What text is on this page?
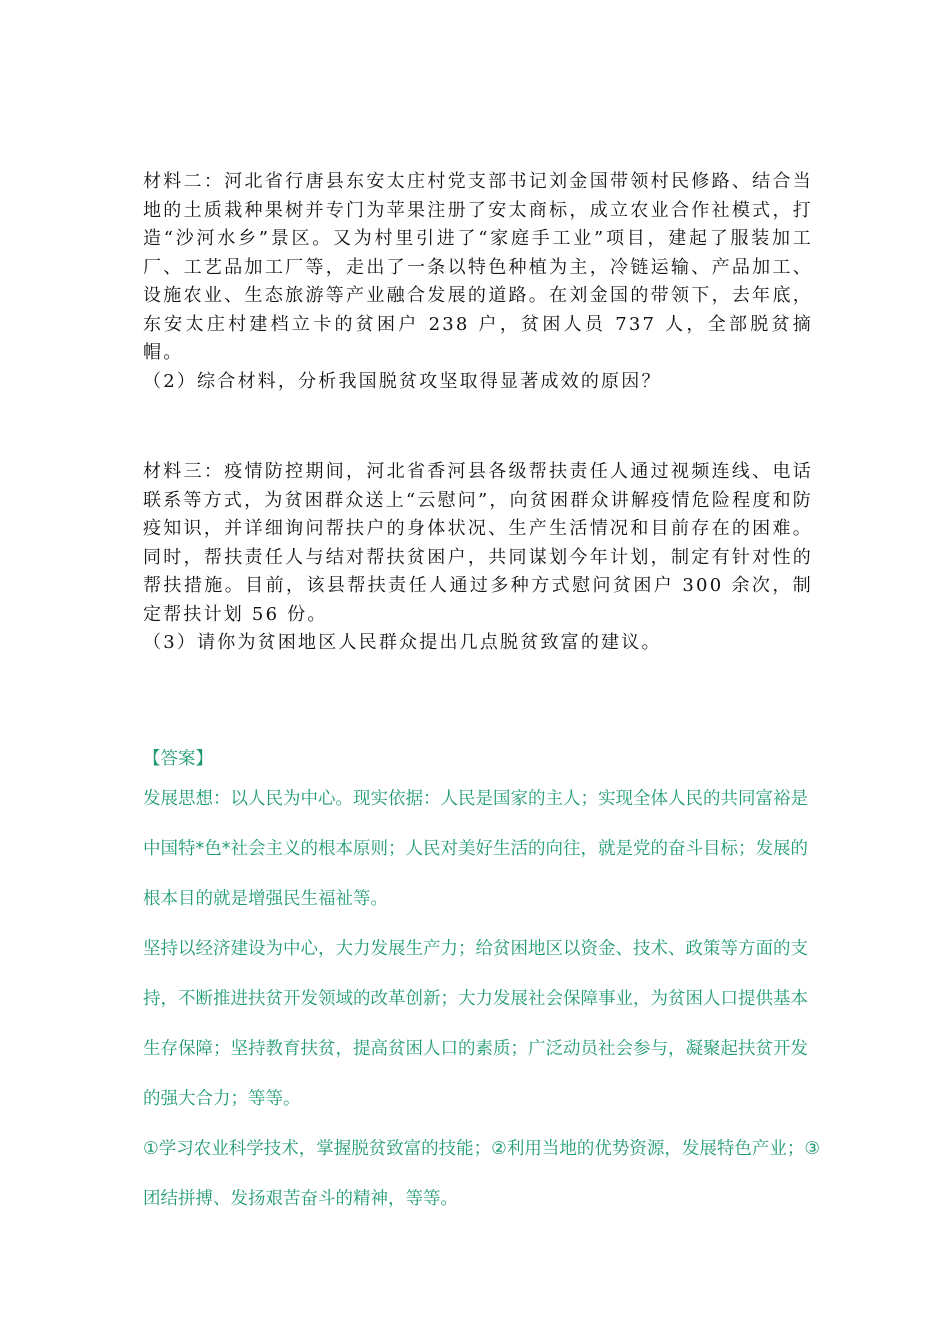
材料二：河北省行唐县东安太庄村党支部书记刘金国带领村民修路、结合当地的土质栽种果树并专门为苹果注册了安太商标，成立农业合作社模式，打造“沙河水乡”景区。又为村里引进了“家庭手工业”项目，建起了服装加工厂、工艺品加工厂等，走出了一条以特色种植为主，冷链运输、产品加工、设施农业、生态旅游等产业融合发展的道路。在刘金国的带领下，去年底，东安太庄村建档立卡的贫困户 238 户，贫困人员 737 人，全部脱贫摘帽。

（2）综合材料，分析我国脱贫攻坚取得显著成效的原因？

材料三：疫情防控期间，河北省香河县各级帮扶责任人通过视频连线、电话联系等方式，为贫困群众送上“云慰问”，向贫困群众讲解疫情危险程度和防疫知识，并详细询问帮扶户的身体状况、生产生活情况和目前存在的困难。同时，帮扶责任人与结对帮扶贫困户，共同谋划今年计划，制定有针对性的帮扶措施。目前，该县帮扶责任人通过多种方式慰问贫困户 300 余次，制定帮扶计划 56 份。

（3）请你为贫困地区人民群众提出几点脱贫致富的建议。

【答案】

发展思想：以人民为中心。现实依据：人民是国家的主人；实现全体人民的共同富裕是中国特*色*社会主义的根本原则；人民对美好生活的向往，就是党的奋斗目标；发展的根本目的就是增强民生福祉等。

坚持以经济建设为中心，大力发展生产力；给贫困地区以资金、技术、政策等方面的支持，不断推进扶贫开发领域的改革创新；大力发展社会保障事业，为贫困人口提供基本生存保障；坚持教育扶贫，提高贫困人口的素质；广泛动员社会参与，凝聚起扶贫开发的强大合力；等等。

①学习农业科学技术，掌握脱贫致富的技能；②利用当地的优势资源，发展特色产业；③团结拼搏、发扬艰苦奋斗的精神，等等。
